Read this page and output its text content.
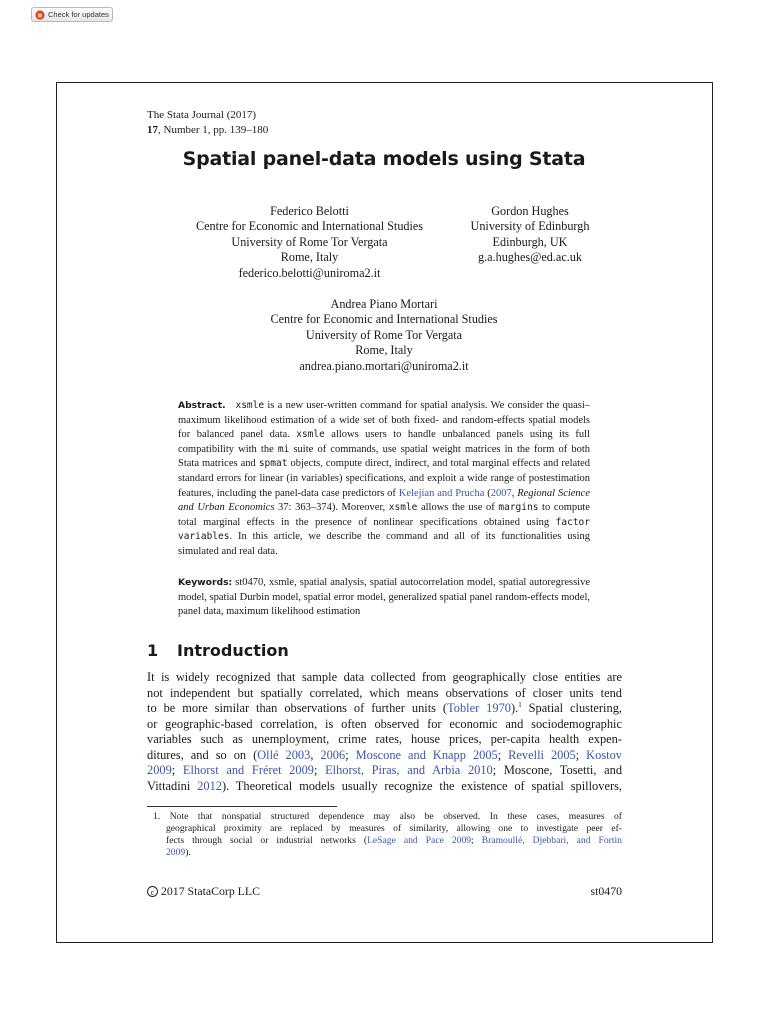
Check for updates
The Stata Journal (2017)
17, Number 1, pp. 139–180
Spatial panel-data models using Stata
Federico Belotti
Centre for Economic and International Studies
University of Rome Tor Vergata
Rome, Italy
federico.belotti@uniroma2.it
Gordon Hughes
University of Edinburgh
Edinburgh, UK
g.a.hughes@ed.ac.uk
Andrea Piano Mortari
Centre for Economic and International Studies
University of Rome Tor Vergata
Rome, Italy
andrea.piano.mortari@uniroma2.it
Abstract. xsmle is a new user-written command for spatial analysis. We consider the quasi–maximum likelihood estimation of a wide set of both fixed- and random-effects spatial models for balanced panel data. xsmle allows users to handle unbalanced panels using its full compatibility with the mi suite of commands, use spatial weight matrices in the form of both Stata matrices and spmat objects, compute direct, indirect, and total marginal effects and related standard errors for linear (in variables) specifications, and exploit a wide range of postestimation features, including the panel-data case predictors of Kelejian and Prucha (2007, Regional Science and Urban Economics 37: 363–374). Moreover, xsmle allows the use of margins to compute total marginal effects in the presence of nonlinear specifications obtained using factor variables. In this article, we describe the command and all of its functionalities using simulated and real data.
Keywords: st0470, xsmle, spatial analysis, spatial autocorrelation model, spatial autoregressive model, spatial Durbin model, spatial error model, generalized spatial panel random-effects model, panel data, maximum likelihood estimation
1 Introduction
It is widely recognized that sample data collected from geographically close entities are
not independent but spatially correlated, which means observations of closer units tend
to be more similar than observations of further units (Tobler 1970).$^1$ Spatial clustering,
or geographic-based correlation, is often observed for economic and sociodemographic
variables such as unemployment, crime rates, house prices, per-capita health expen-
ditures, and so on (Ollé 2003, 2006; Moscone and Knapp 2005; Revelli 2005; Kostov
2009; Elhorst and Fréret 2009; Elhorst, Piras, and Arbia 2010; Moscone, Tosetti, and
Vittadini 2012). Theoretical models usually recognize the existence of spatial spillovers,
1. Note that nonspatial structured dependence may also be observed. In these cases, measures of
geographical proximity are replaced by measures of similarity, allowing one to investigate peer ef-
fects through social or industrial networks (LeSage and Pace 2009; Bramoullé, Djebbari, and Fortin
2009).
c 2017 StataCorp LLC	st0470
